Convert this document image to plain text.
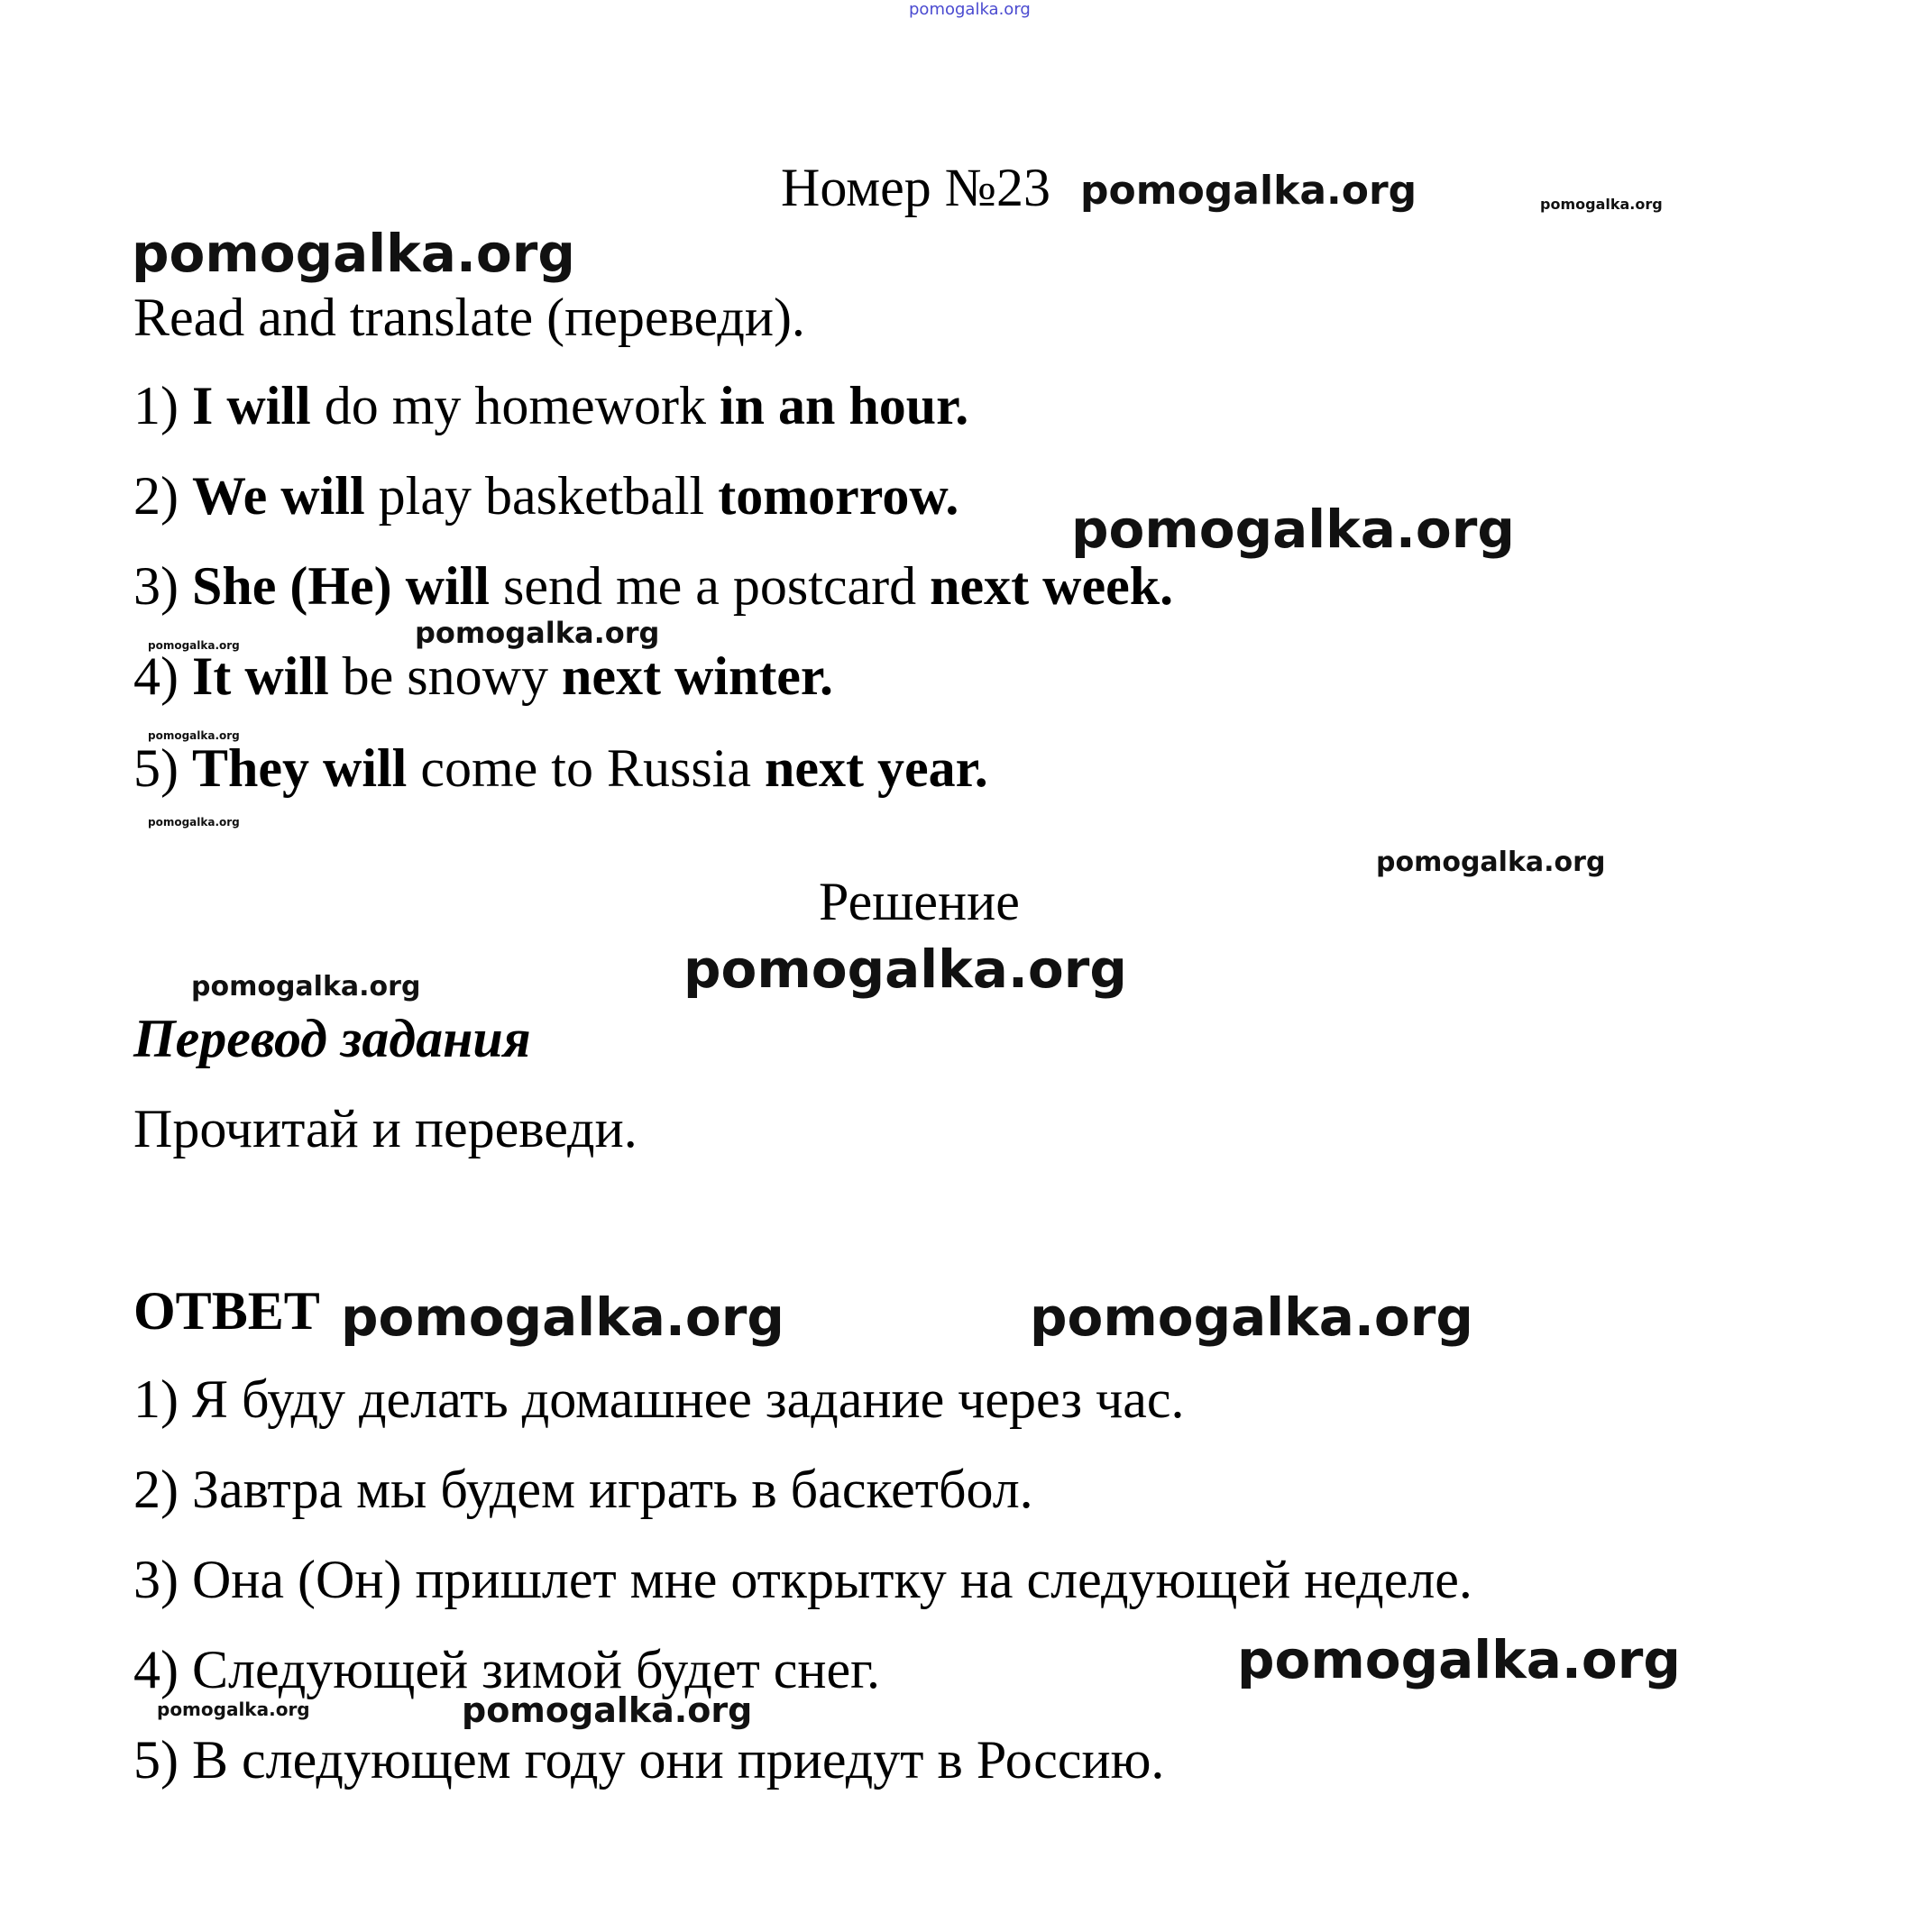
pomogalka.org
Номер №23 pomogalka.org	pomogalka.org
pomogalka.org
Read and translate (переведи).
1) I will do my homework in an hour.
2) We will play basketball tomorrow.
pomogalka.org
3) She (He) will send me a postcard next week.
pomogalka.org
pomogalka.org
4) It will be snowy next winter.
pomogalka.org
5) They will come to Russia next year.
pomogalka.org
pomogalka.org
Решение
pomogalka.org
pomogalka.org
Перевод задания
Прочитай и переведи.
ОТВЕТ pomogalka.org	pomogalka.org
1) Я буду делать домашнее задание через час.
2) Завтра мы будем играть в баскетбол.
3) Она (Он) пришлет мне открытку на следующей неделе.
4) Следующей зимой будет снег.	pomogalka.org
pomogalka.org	pomogalka.org
5) В следующем году они приедут в Россию.
